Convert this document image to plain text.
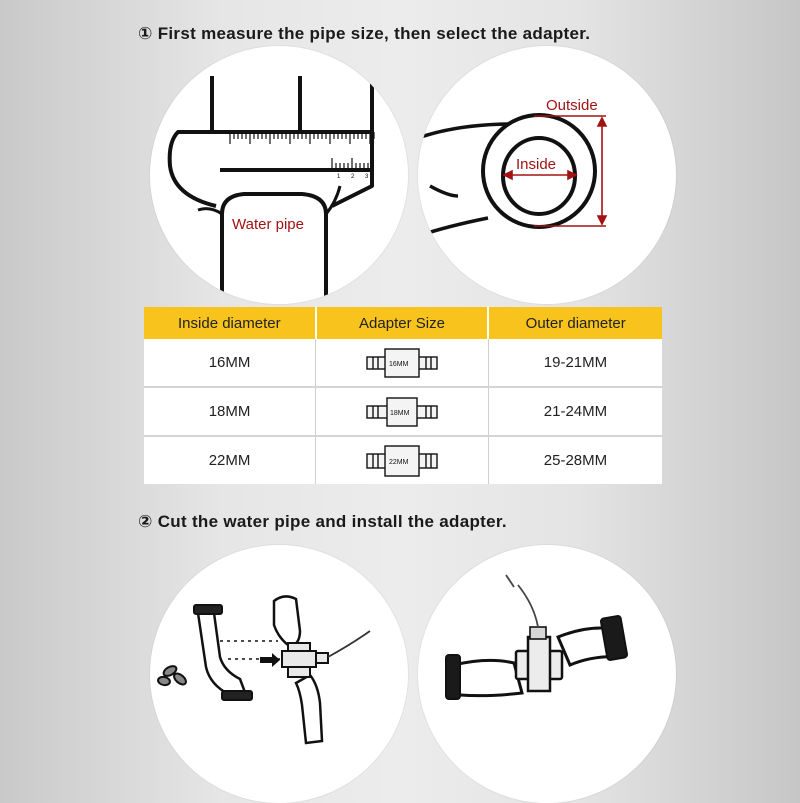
① First measure the pipe size, then select the adapter.
1 2 3
Water pipe
Outside
Inside
Inside diameter	Adapter Size	Outer diameter
16MM	16MM	19-21MM
18MM	18MM	21-24MM
22MM	22MM	25-28MM
② Cut the water pipe and install the adapter.
